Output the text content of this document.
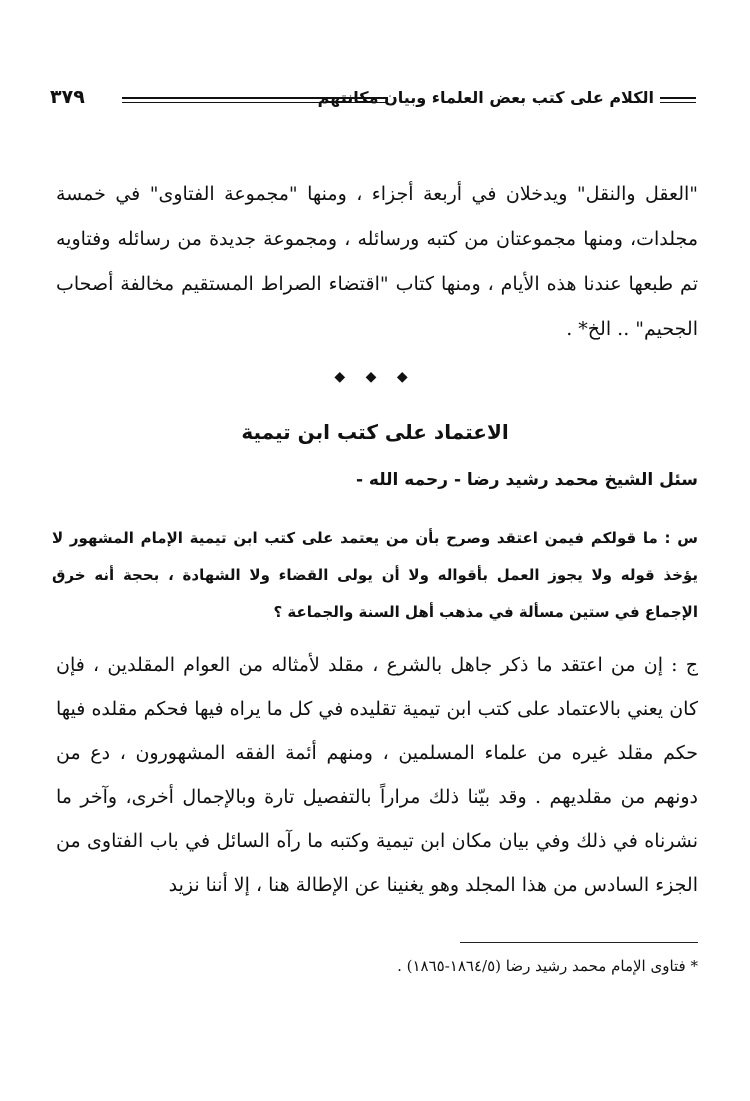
الكلام على كتب بعض العلماء وبيان مكانتهم
٣٧٩
"العقل والنقل" ويدخلان في أربعة أجزاء ، ومنها "مجموعة الفتاوى" في خمسة مجلدات، ومنها مجموعتان من كتبه ورسائله ، ومجموعة جديدة من رسائله وفتاويه تم طبعها عندنا هذه الأيام ، ومنها كتاب "اقتضاء الصراط المستقيم مخالفة أصحاب الجحيم" .. الخ* .
◆ ◆ ◆
الاعتماد على كتب ابن تيمية
سئل الشيخ محمد رشيد رضا - رحمه الله -
س : ما قولكم فيمن اعتقد وصرح بأن من يعتمد على كتب ابن تيمية الإمام المشهور لا يؤخذ قوله ولا يجوز العمل بأقواله ولا أن يولى القضاء ولا الشهادة ، بحجة أنه خرق الإجماع في ستين مسألة في مذهب أهل السنة والجماعة ؟
ج : إن من اعتقد ما ذكر جاهل بالشرع ، مقلد لأمثاله من العوام المقلدين ، فإن كان يعني بالاعتماد على كتب ابن تيمية تقليده في كل ما يراه فيها فحكم مقلده فيها حكم مقلد غيره من علماء المسلمين ، ومنهم أئمة الفقه المشهورون ، دع من دونهم من مقلديهم . وقد بيّنا ذلك مراراً بالتفصيل تارة وبالإجمال أخرى، وآخر ما نشرناه في ذلك وفي بيان مكان ابن تيمية وكتبه ما رآه السائل في باب الفتاوى من الجزء السادس من هذا المجلد وهو يغنينا عن الإطالة هنا ، إلا أننا نزيد
* فتاوى الإمام محمد رشيد رضا (١٨٦٤/٥-١٨٦٥) .
